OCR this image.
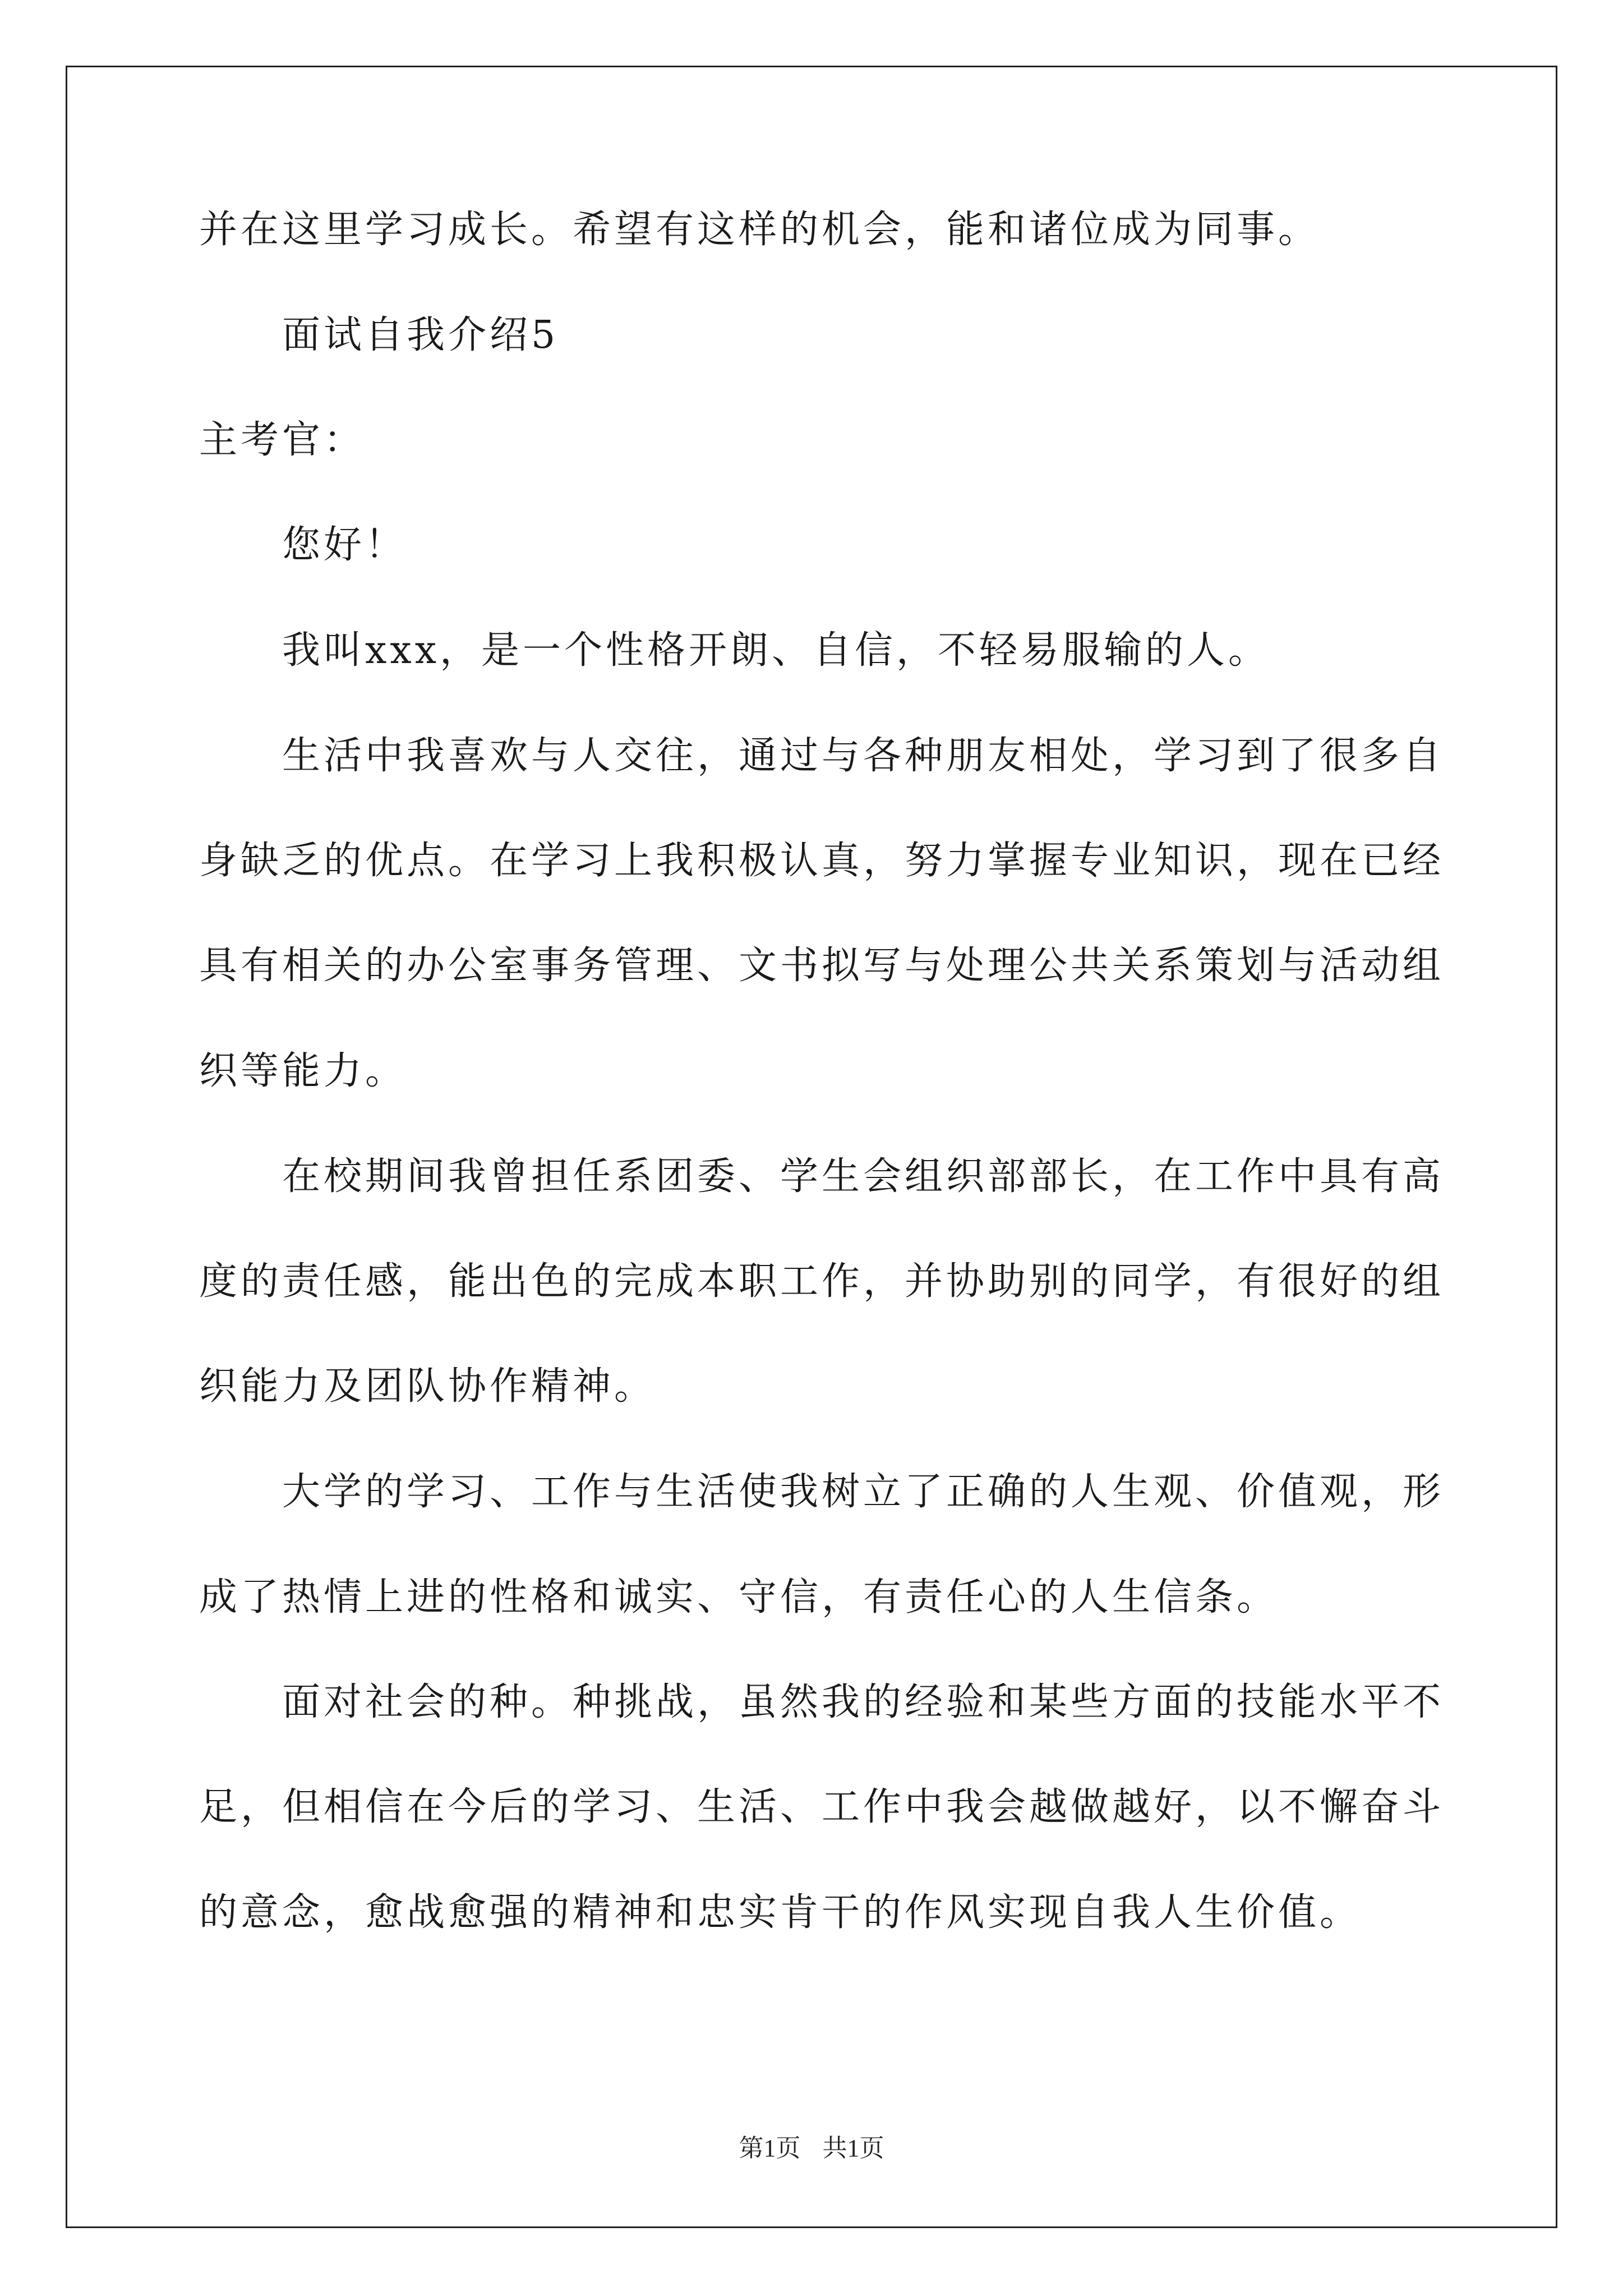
并在这里学习成长。希望有这样的机会，能和诸位成为同事。
面试自我介绍5
主考官：
您好！
我叫xxx，是一个性格开朗、自信，不轻易服输的人。
生活中我喜欢与人交往，通过与各种朋友相处，学习到了很多自
身缺乏的优点。在学习上我积极认真，努力掌握专业知识，现在已经
具有相关的办公室事务管理、文书拟写与处理公共关系策划与活动组
织等能力。
在校期间我曾担任系团委、学生会组织部部长，在工作中具有高
度的责任感，能出色的完成本职工作，并协助别的同学，有很好的组
织能力及团队协作精神。
大学的学习、工作与生活使我树立了正确的人生观、价值观，形
成了热情上进的性格和诚实、守信，有责任心的人生信条。
面对社会的种。种挑战，虽然我的经验和某些方面的技能水平不
足，但相信在今后的学习、生活、工作中我会越做越好，以不懈奋斗
的意念，愈战愈强的精神和忠实肯干的作风实现自我人生价值。
第1页 共1页
